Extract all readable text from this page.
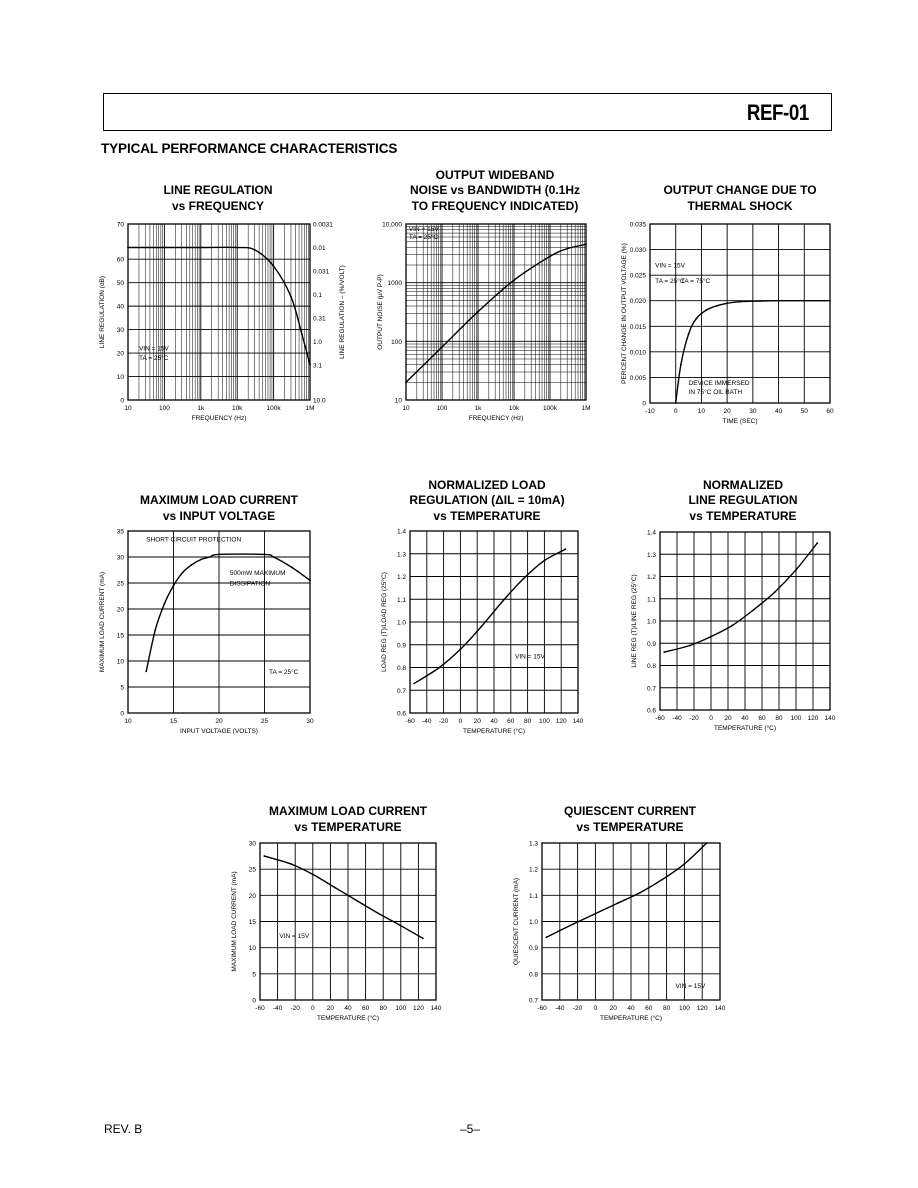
REF-01
TYPICAL PERFORMANCE CHARACTERISTICS
LINE REGULATION
vs FREQUENCY
OUTPUT WIDEBAND
NOISE vs BANDWIDTH (0.1Hz
TO FREQUENCY INDICATED)
OUTPUT CHANGE DUE TO
THERMAL SHOCK
MAXIMUM LOAD CURRENT
vs INPUT VOLTAGE
NORMALIZED LOAD
REGULATION (ΔIL = 10mA)
vs TEMPERATURE
NORMALIZED
LINE REGULATION
vs TEMPERATURE
MAXIMUM LOAD CURRENT
vs TEMPERATURE
QUIESCENT CURRENT
vs TEMPERATURE
10	100	1k	10k	100k	1M
0
10
20
30
40
50
60
70	0.0031
0.01
0.031
0.1
0.31
1.0
3.1
10.0
LINE REGULATION – (%/VOLT)
FREQUENCY (Hz)
LINE REGULATION (dB)
VIN = 15V
TA = 25°C
10	100	1k	10k	100k	1M
10
100
1000
10,000
FREQUENCY (Hz)
OUTPUT NOISE (μV P-P)
VIN = 15V
TA = 25°C
-10	0	10	20	30	40	50	60
0
0.005
0.010
0.015
0.020
0.025
0.030
0.035
TIME (SEC)
PERCENT CHANGE IN OUTPUT VOLTAGE (%)	VIN = 15V
TA = 25°C
TA = 75°C
DEVICE IMMERSED
IN 75°C OIL BATH
10	15	20	25	30
0
5
10
15
20
25
30
35
INPUT VOLTAGE (VOLTS)
MAXIMUM LOAD CURRENT (mA)
SHORT CIRCUIT PROTECTION
500mW MAXIMUM
DISSIPATION
TA = 25°C
-60 -40 -20 0 20 40 60 80 100 120 140
0.6
0.7
0.8
0.9
1.0
1.1
1.2
1.3
1.4
TEMPERATURE (°C)
LOAD REG (T)/LOAD REG (25°C)	VIN = 15V
-60 -40 -20 0 20 40 60 80 100 120 140
0.6
0.7
0.8
0.9
1.0
1.1
1.2
1.3
1.4
TEMPERATURE (°C)
LINE REG (T)/LINE REG (25°C)
-60 -40 -20 0 20 40 60 80 100 120 140
0
5
10
15
20
25
30
TEMPERATURE (°C)
MAXIMUM LOAD CURRENT (mA)	VIN = 15V
-60 -40 -20 0 20 40 60 80 100 120 140
0.7
0.8
0.9
1.0
1.1
1.2
1.3
TEMPERATURE (°C)
QUIESCENT CURRENT (mA)
VIN = 15V
REV. B	–5–
